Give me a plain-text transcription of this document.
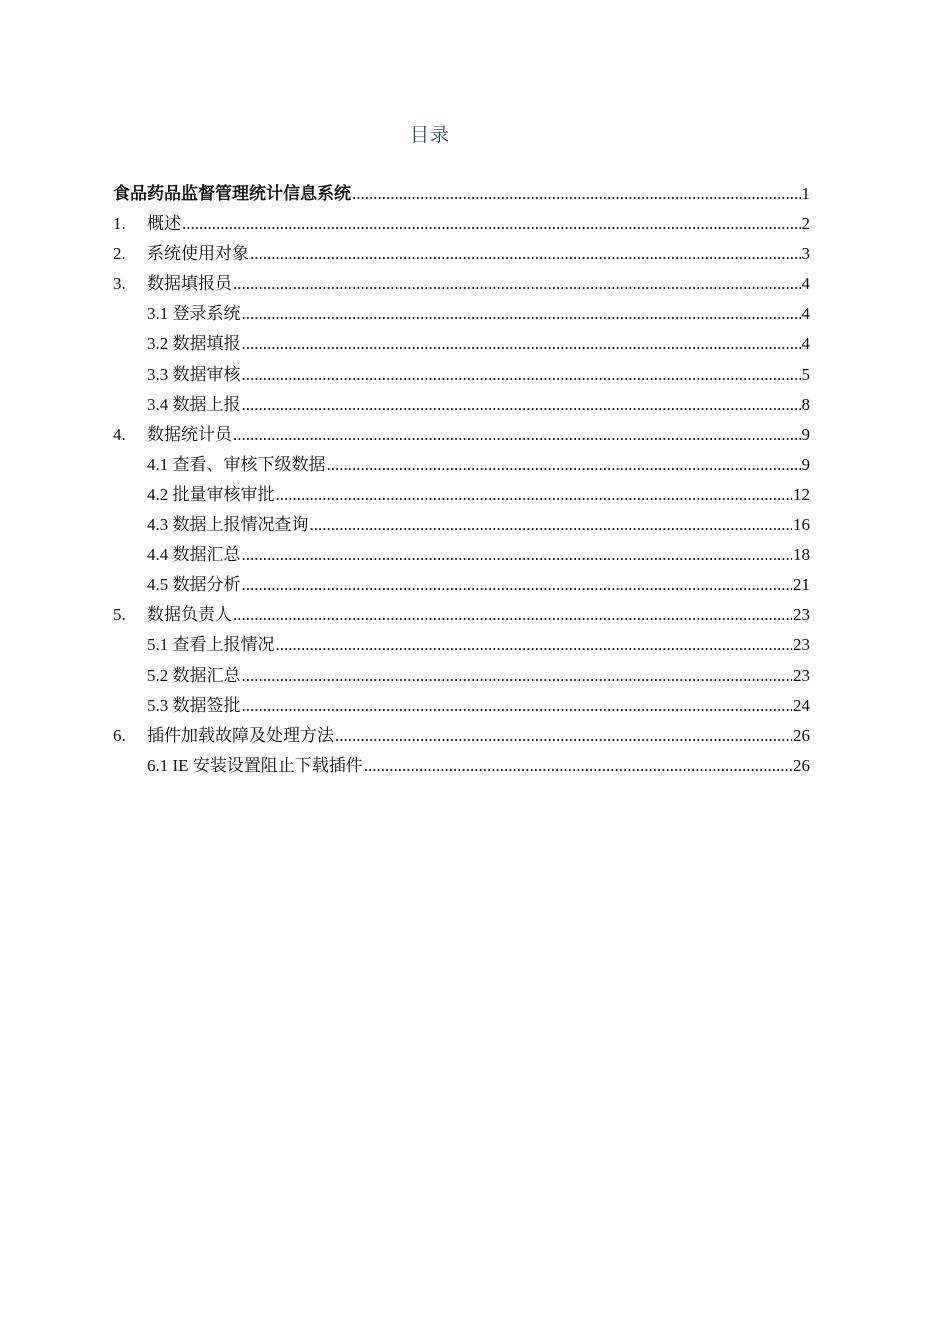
目录
食品药品监督管理统计信息系统 .....	1
1.	概述 .....	2
2.	系统使用对象 .....	3
3.	数据填报员 .....	4
3.1 登录系统 .....	4
3.2 数据填报 .....	4
3.3 数据审核 .....	5
3.4 数据上报 .....	8
4.	数据统计员 .....	9
4.1 查看、审核下级数据 .....	9
4.2 批量审核审批 .....	12
4.3 数据上报情况查询 .....	16
4.4 数据汇总 .....	18
4.5 数据分析 .....	21
5.	数据负责人 .....	23
5.1 查看上报情况 .....	23
5.2 数据汇总 .....	23
5.3 数据签批 .....	24
6.	插件加载故障及处理方法 .....	26
6.1 IE 安装设置阻止下载插件 .....	26
